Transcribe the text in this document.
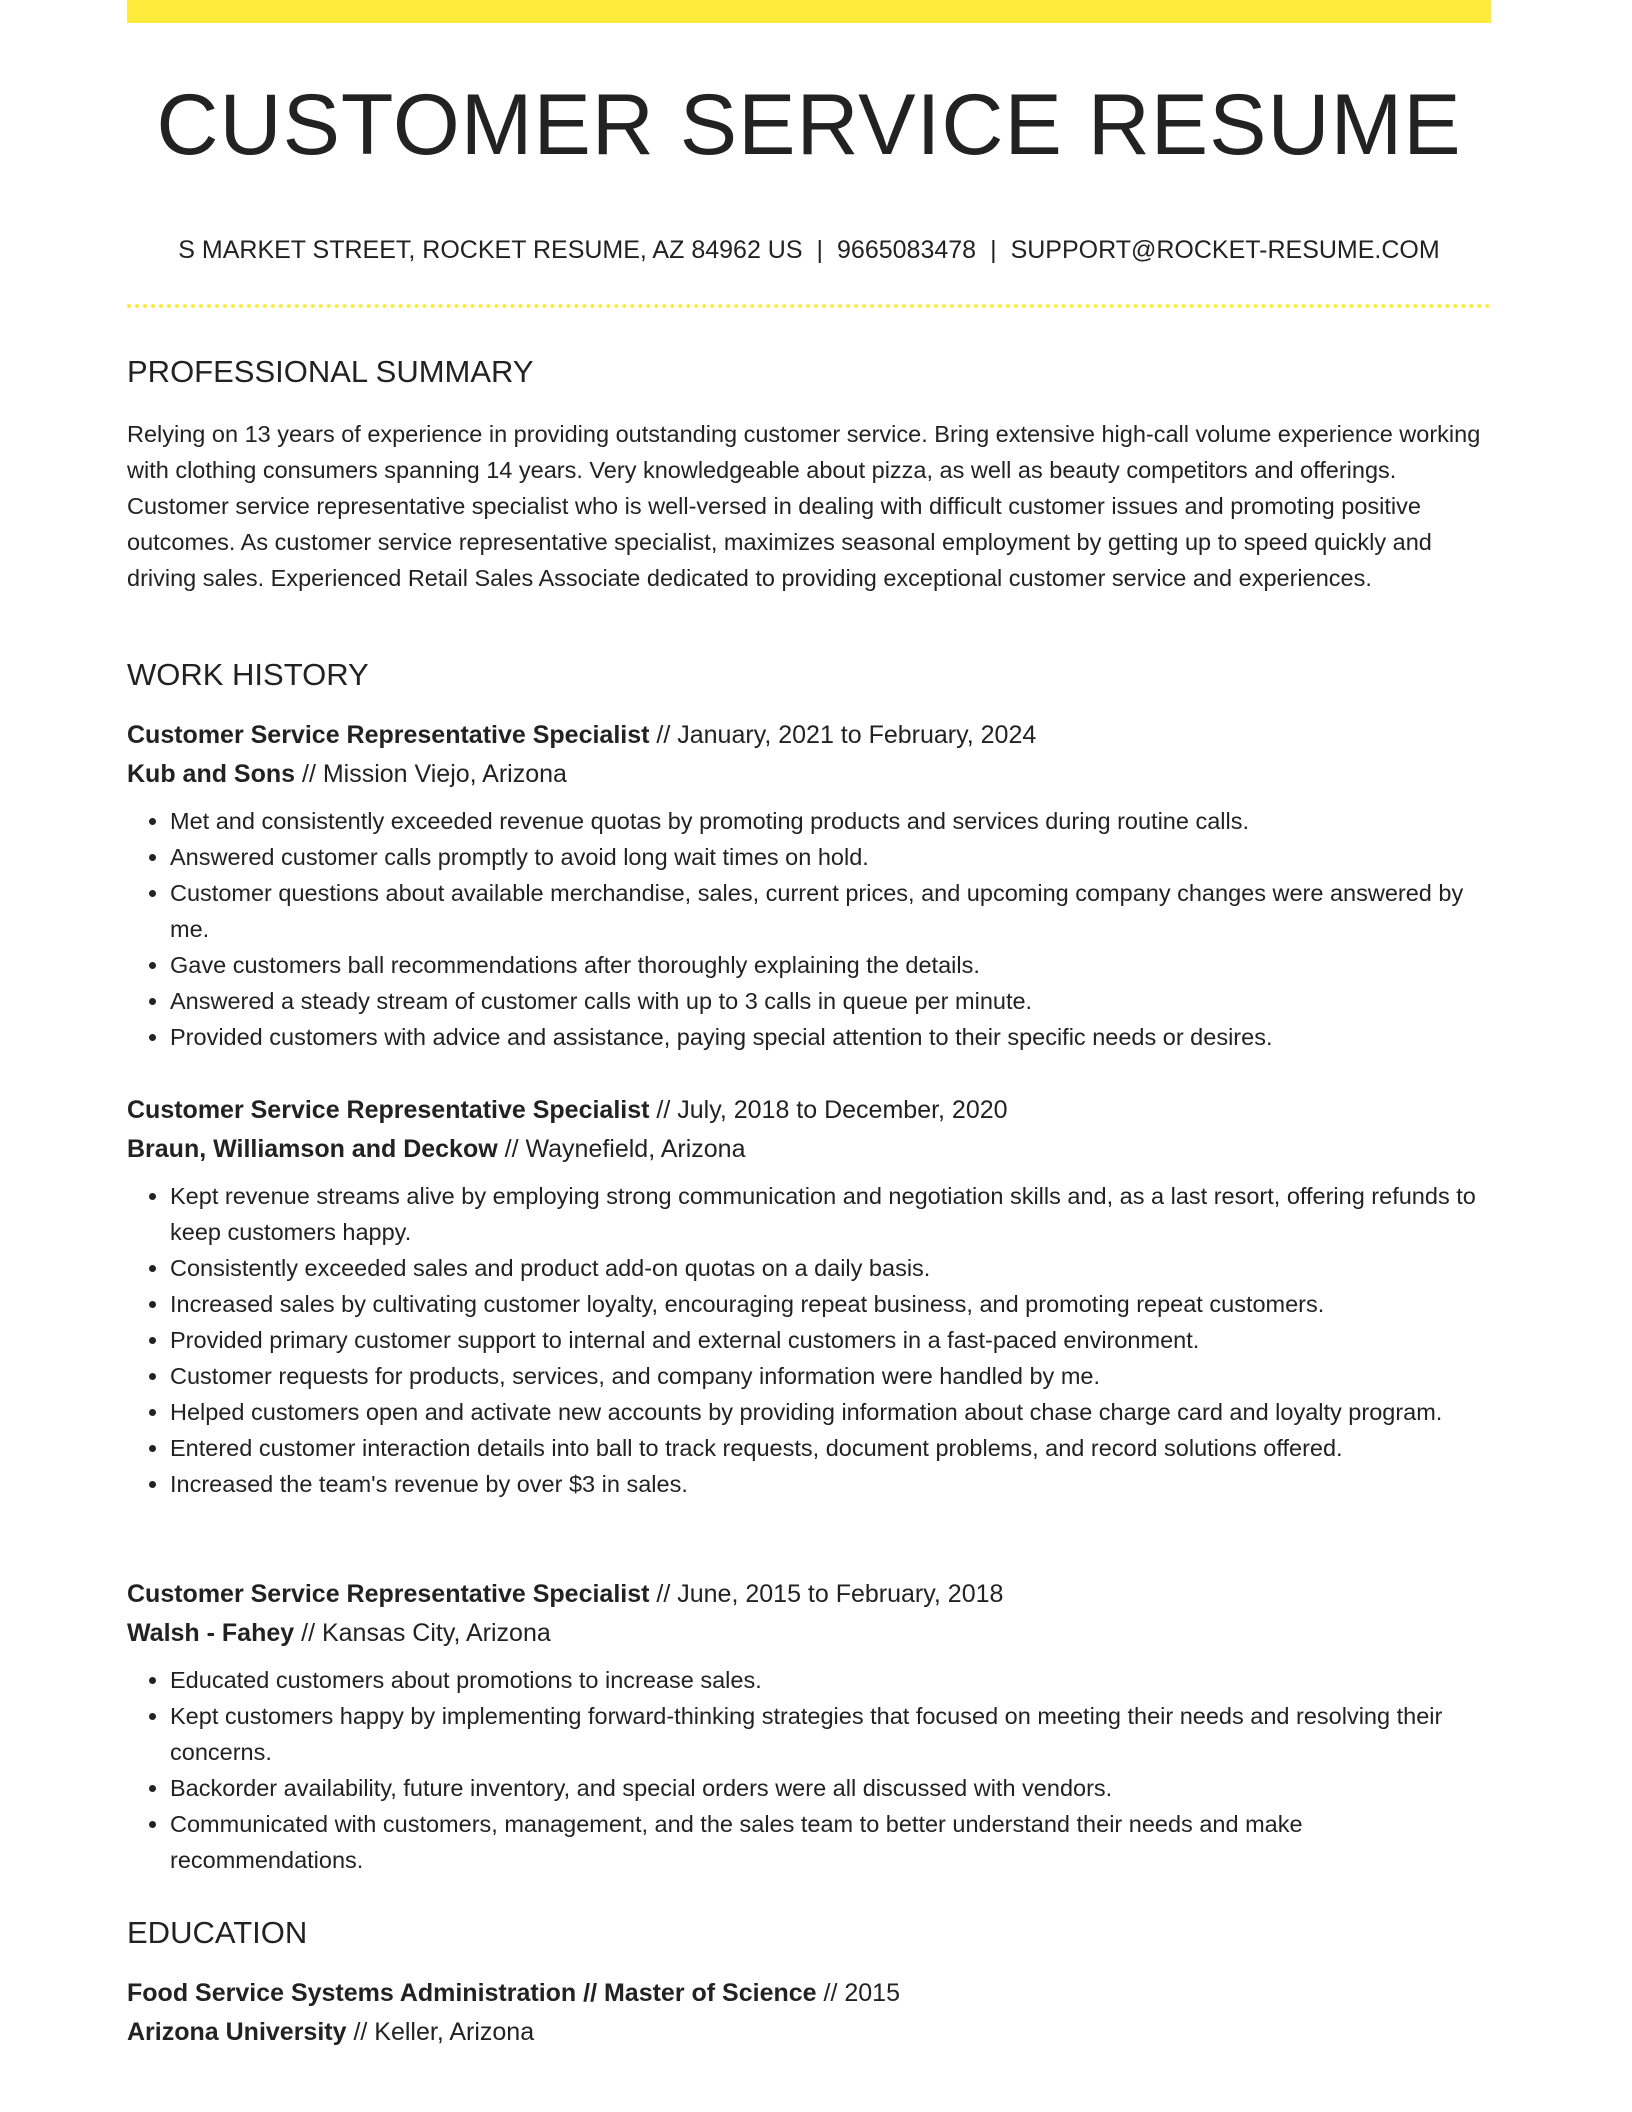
CUSTOMER SERVICE RESUME
S MARKET STREET, ROCKET RESUME, AZ 84962 US | 9665083478 | SUPPORT@ROCKET-RESUME.COM
PROFESSIONAL SUMMARY

Relying on 13 years of experience in providing outstanding customer service. Bring extensive high-call volume experience working with clothing consumers spanning 14 years. Very knowledgeable about pizza, as well as beauty competitors and offerings. Customer service representative specialist who is well-versed in dealing with difficult customer issues and promoting positive outcomes. As customer service representative specialist, maximizes seasonal employment by getting up to speed quickly and driving sales. Experienced Retail Sales Associate dedicated to providing exceptional customer service and experiences.

WORK HISTORY
Customer Service Representative Specialist // January, 2021 to February, 2024
Kub and Sons // Mission Viejo, Arizona
• Met and consistently exceeded revenue quotas by promoting products and services during routine calls.
• Answered customer calls promptly to avoid long wait times on hold.
• Customer questions about available merchandise, sales, current prices, and upcoming company changes were answered by me.
• Gave customers ball recommendations after thoroughly explaining the details.
• Answered a steady stream of customer calls with up to 3 calls in queue per minute.
• Provided customers with advice and assistance, paying special attention to their specific needs or desires.
Customer Service Representative Specialist // July, 2018 to December, 2020
Braun, Williamson and Deckow // Waynefield, Arizona
• Kept revenue streams alive by employing strong communication and negotiation skills and, as a last resort, offering refunds to keep customers happy.
• Consistently exceeded sales and product add-on quotas on a daily basis.
• Increased sales by cultivating customer loyalty, encouraging repeat business, and promoting repeat customers.
• Provided primary customer support to internal and external customers in a fast-paced environment.
• Customer requests for products, services, and company information were handled by me.
• Helped customers open and activate new accounts by providing information about chase charge card and loyalty program.
• Entered customer interaction details into ball to track requests, document problems, and record solutions offered.
• Increased the team's revenue by over $3 in sales.
Customer Service Representative Specialist // June, 2015 to February, 2018
Walsh - Fahey // Kansas City, Arizona
• Educated customers about promotions to increase sales.
• Kept customers happy by implementing forward-thinking strategies that focused on meeting their needs and resolving their concerns.
• Backorder availability, future inventory, and special orders were all discussed with vendors.
• Communicated with customers, management, and the sales team to better understand their needs and make recommendations.
EDUCATION
Food Service Systems Administration // Master of Science // 2015
Arizona University // Keller, Arizona
